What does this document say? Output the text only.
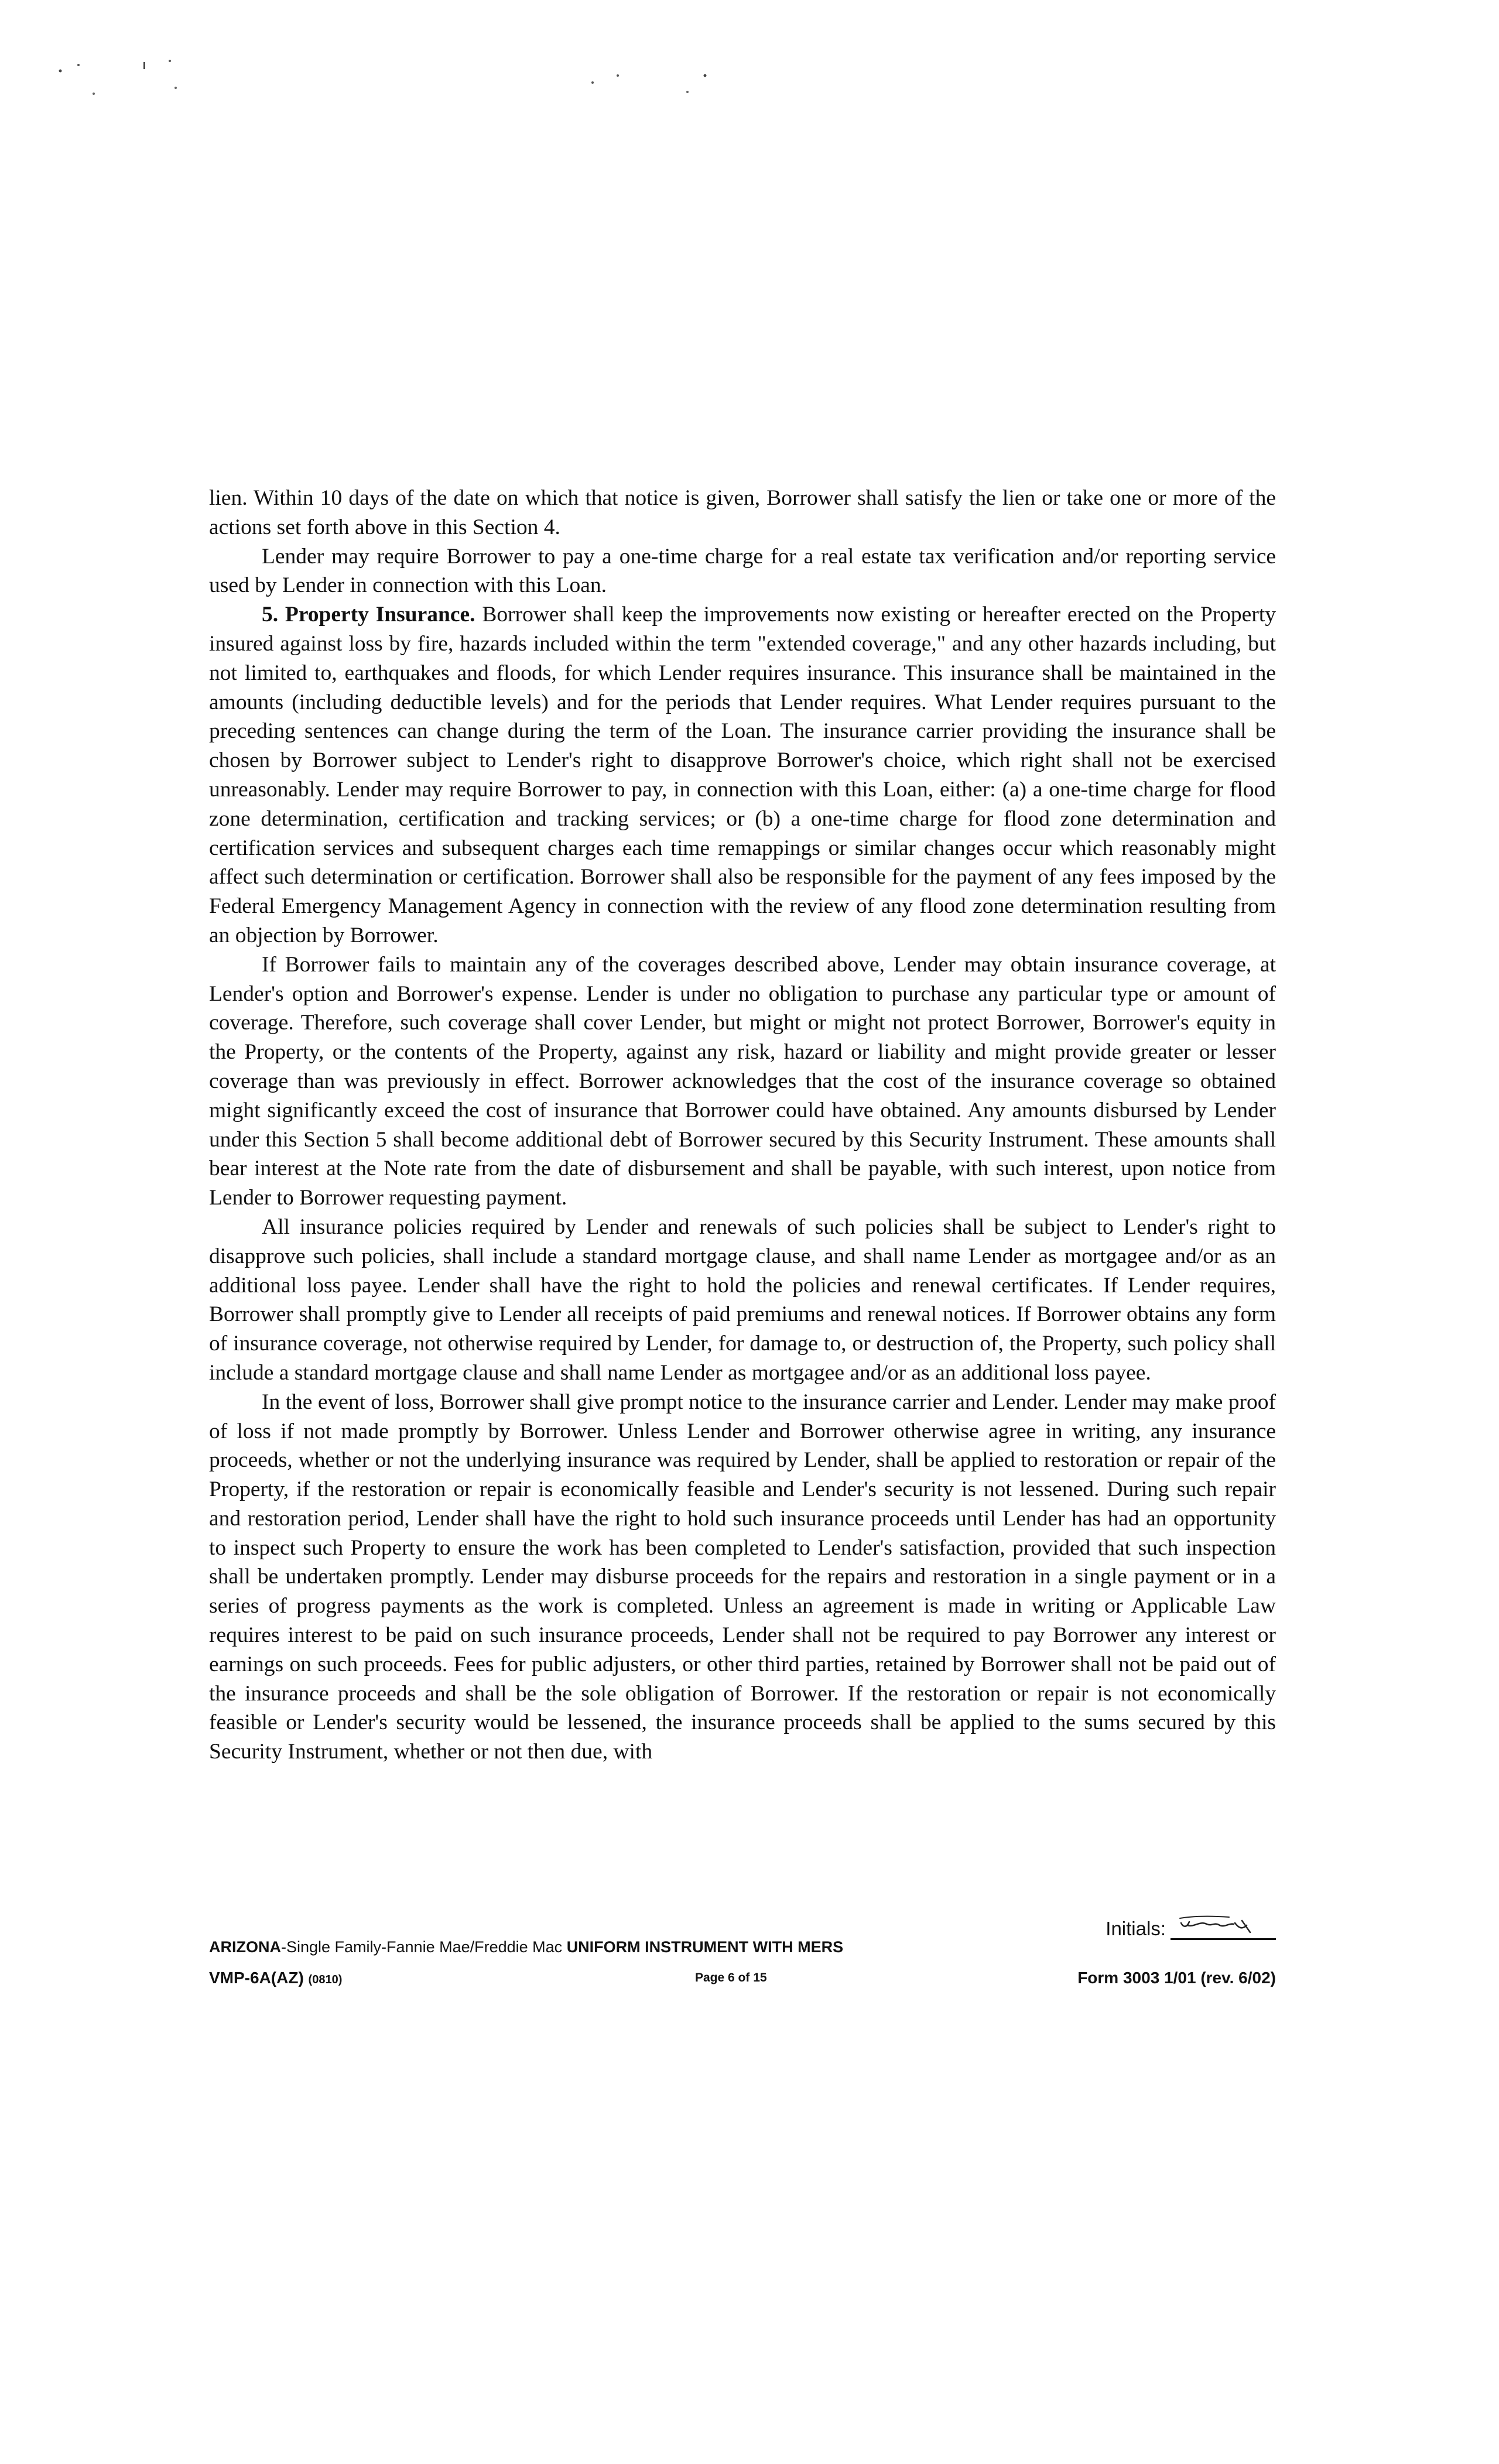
lien. Within 10 days of the date on which that notice is given, Borrower shall satisfy the lien or take one or more of the actions set forth above in this Section 4.

Lender may require Borrower to pay a one-time charge for a real estate tax verification and/or reporting service used by Lender in connection with this Loan.

5. Property Insurance. Borrower shall keep the improvements now existing or hereafter erected on the Property insured against loss by fire, hazards included within the term "extended coverage," and any other hazards including, but not limited to, earthquakes and floods, for which Lender requires insurance. This insurance shall be maintained in the amounts (including deductible levels) and for the periods that Lender requires. What Lender requires pursuant to the preceding sentences can change during the term of the Loan. The insurance carrier providing the insurance shall be chosen by Borrower subject to Lender's right to disapprove Borrower's choice, which right shall not be exercised unreasonably. Lender may require Borrower to pay, in connection with this Loan, either: (a) a one-time charge for flood zone determination, certification and tracking services; or (b) a one-time charge for flood zone determination and certification services and subsequent charges each time remappings or similar changes occur which reasonably might affect such determination or certification. Borrower shall also be responsible for the payment of any fees imposed by the Federal Emergency Management Agency in connection with the review of any flood zone determination resulting from an objection by Borrower.

If Borrower fails to maintain any of the coverages described above, Lender may obtain insurance coverage, at Lender's option and Borrower's expense. Lender is under no obligation to purchase any particular type or amount of coverage. Therefore, such coverage shall cover Lender, but might or might not protect Borrower, Borrower's equity in the Property, or the contents of the Property, against any risk, hazard or liability and might provide greater or lesser coverage than was previously in effect. Borrower acknowledges that the cost of the insurance coverage so obtained might significantly exceed the cost of insurance that Borrower could have obtained. Any amounts disbursed by Lender under this Section 5 shall become additional debt of Borrower secured by this Security Instrument. These amounts shall bear interest at the Note rate from the date of disbursement and shall be payable, with such interest, upon notice from Lender to Borrower requesting payment.

All insurance policies required by Lender and renewals of such policies shall be subject to Lender's right to disapprove such policies, shall include a standard mortgage clause, and shall name Lender as mortgagee and/or as an additional loss payee. Lender shall have the right to hold the policies and renewal certificates. If Lender requires, Borrower shall promptly give to Lender all receipts of paid premiums and renewal notices. If Borrower obtains any form of insurance coverage, not otherwise required by Lender, for damage to, or destruction of, the Property, such policy shall include a standard mortgage clause and shall name Lender as mortgagee and/or as an additional loss payee.

In the event of loss, Borrower shall give prompt notice to the insurance carrier and Lender. Lender may make proof of loss if not made promptly by Borrower. Unless Lender and Borrower otherwise agree in writing, any insurance proceeds, whether or not the underlying insurance was required by Lender, shall be applied to restoration or repair of the Property, if the restoration or repair is economically feasible and Lender's security is not lessened. During such repair and restoration period, Lender shall have the right to hold such insurance proceeds until Lender has had an opportunity to inspect such Property to ensure the work has been completed to Lender's satisfaction, provided that such inspection shall be undertaken promptly. Lender may disburse proceeds for the repairs and restoration in a single payment or in a series of progress payments as the work is completed. Unless an agreement is made in writing or Applicable Law requires interest to be paid on such insurance proceeds, Lender shall not be required to pay Borrower any interest or earnings on such proceeds. Fees for public adjusters, or other third parties, retained by Borrower shall not be paid out of the insurance proceeds and shall be the sole obligation of Borrower. If the restoration or repair is not economically feasible or Lender's security would be lessened, the insurance proceeds shall be applied to the sums secured by this Security Instrument, whether or not then due, with

Initials:
ARIZONA-Single Family-Fannie Mae/Freddie Mac UNIFORM INSTRUMENT WITH MERS
VMP-6A(AZ) (0810)	Page 6 of 15	Form 3003 1/01 (rev. 6/02)
